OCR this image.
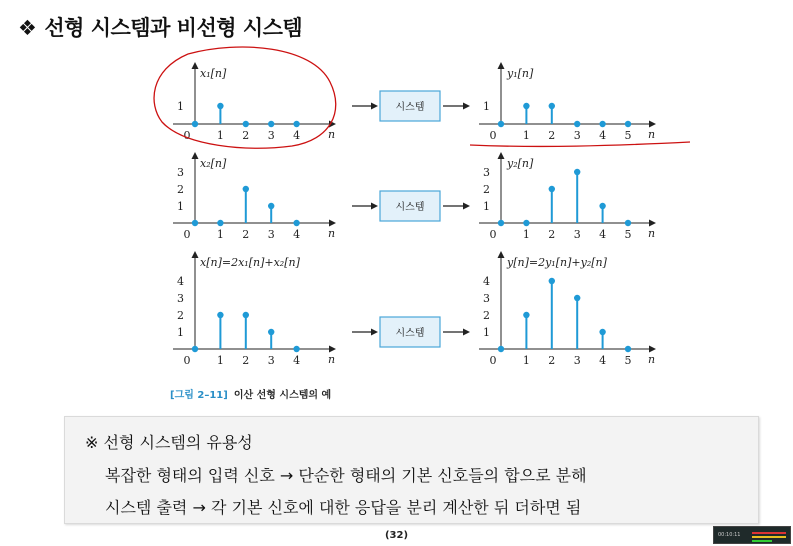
❖ 선형 시스템과 비선형 시스템
n
x₁[n]
1
0 1 2 3 4	n
y₁[n]
1
0 1 2 3 4 5
시스템
n
x₂[n]
3
2
1
0 1 2 3 4	n
y₂[n]
3
2
1
0 1 2 3 4 5
시스템
n
x[n]=2x₁[n]+x₂[n]
4
3
2
1
0 1 2 3 4	n
y[n]=2y₁[n]+y₂[n]
4
3
2
1
0 1 2 3 4 5
시스템
[그림 2–11] 이산 선형 시스템의 예
※ 선형 시스템의 유용성
복잡한 형태의 입력 신호 → 단순한 형태의 기본 신호들의 합으로 분해
시스템 출력 → 각 기본 신호에 대한 응답을 분리 계산한 뒤 더하면 됨
(32)	00:10:11
